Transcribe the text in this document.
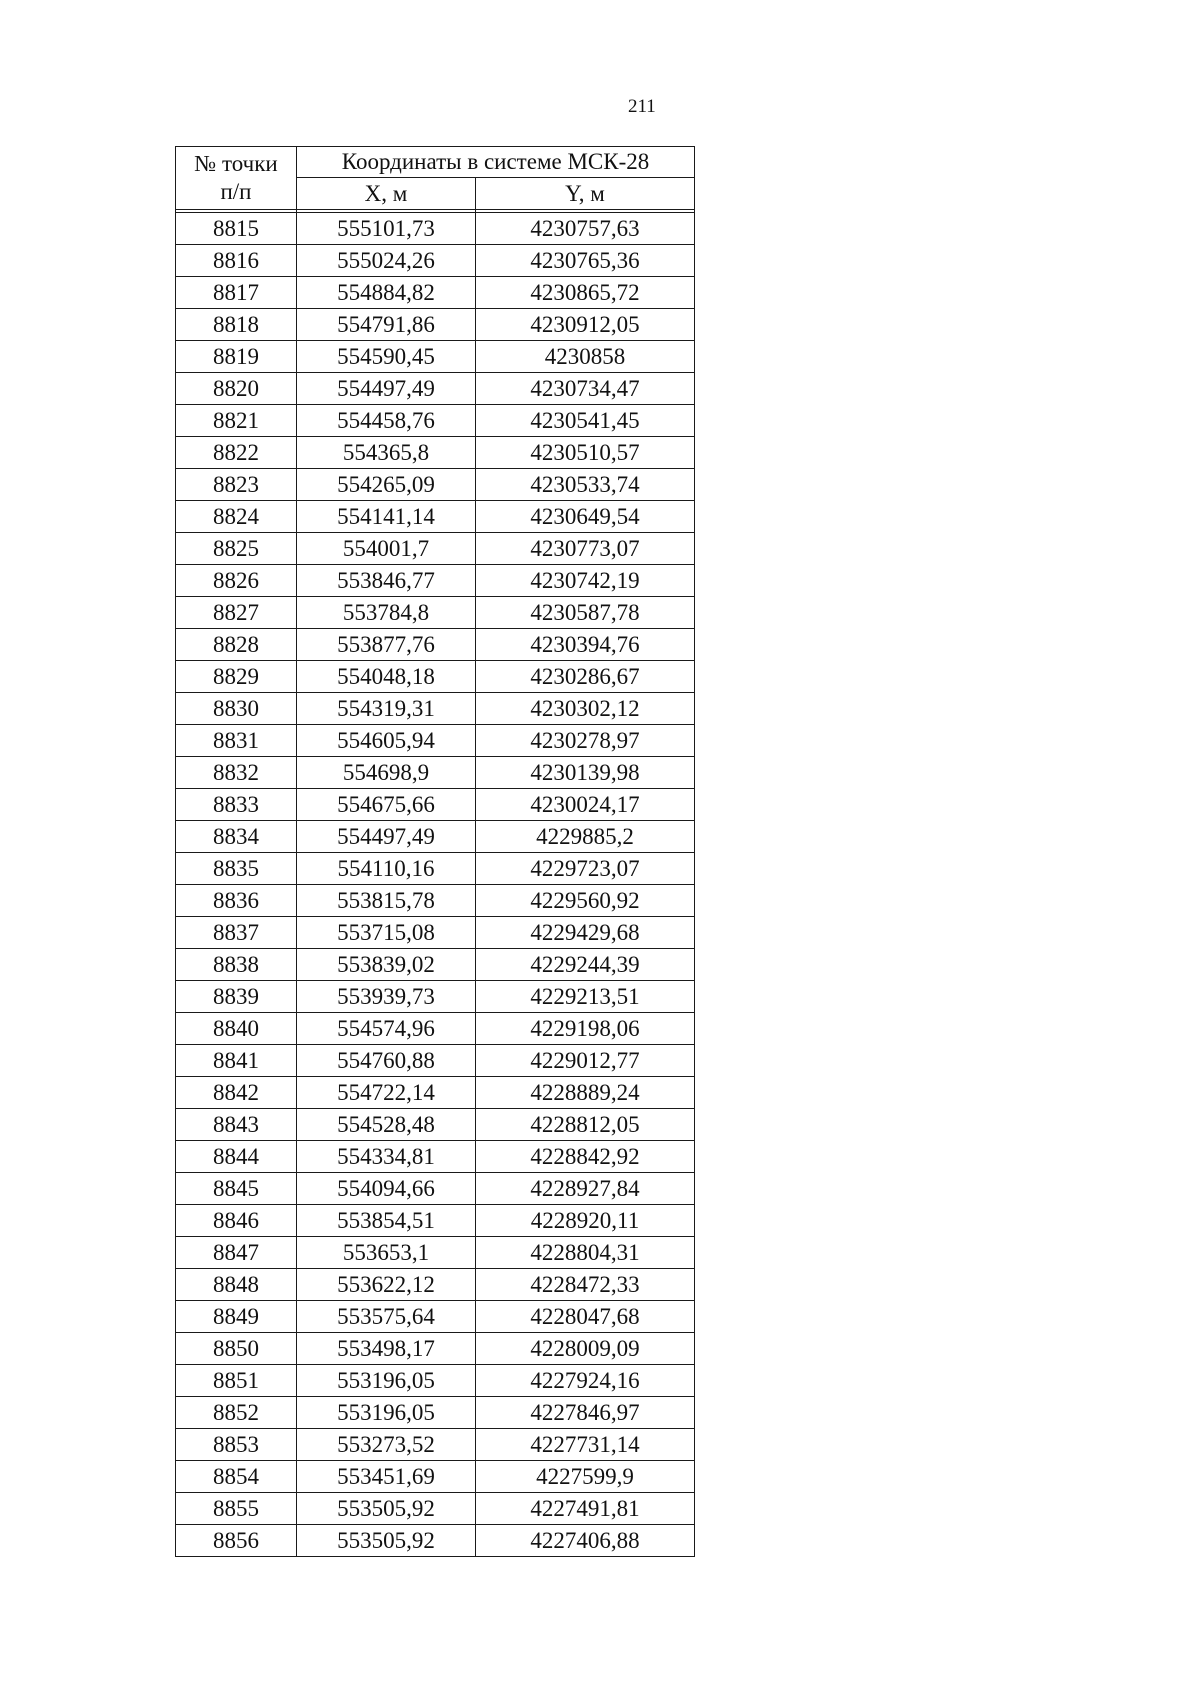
211
№ точки
п/п	Координаты в системе МСК-28	
	X, м	Y, м

8815	555101,73	4230757,63
8816	555024,26	4230765,36
8817	554884,82	4230865,72
8818	554791,86	4230912,05
8819	554590,45	4230858
8820	554497,49	4230734,47
8821	554458,76	4230541,45
8822	554365,8	4230510,57
8823	554265,09	4230533,74
8824	554141,14	4230649,54
8825	554001,7	4230773,07
8826	553846,77	4230742,19
8827	553784,8	4230587,78
8828	553877,76	4230394,76
8829	554048,18	4230286,67
8830	554319,31	4230302,12
8831	554605,94	4230278,97
8832	554698,9	4230139,98
8833	554675,66	4230024,17
8834	554497,49	4229885,2
8835	554110,16	4229723,07
8836	553815,78	4229560,92
8837	553715,08	4229429,68
8838	553839,02	4229244,39
8839	553939,73	4229213,51
8840	554574,96	4229198,06
8841	554760,88	4229012,77
8842	554722,14	4228889,24
8843	554528,48	4228812,05
8844	554334,81	4228842,92
8845	554094,66	4228927,84
8846	553854,51	4228920,11
8847	553653,1	4228804,31
8848	553622,12	4228472,33
8849	553575,64	4228047,68
8850	553498,17	4228009,09
8851	553196,05	4227924,16
8852	553196,05	4227846,97
8853	553273,52	4227731,14
8854	553451,69	4227599,9
8855	553505,92	4227491,81
8856	553505,92	4227406,88
